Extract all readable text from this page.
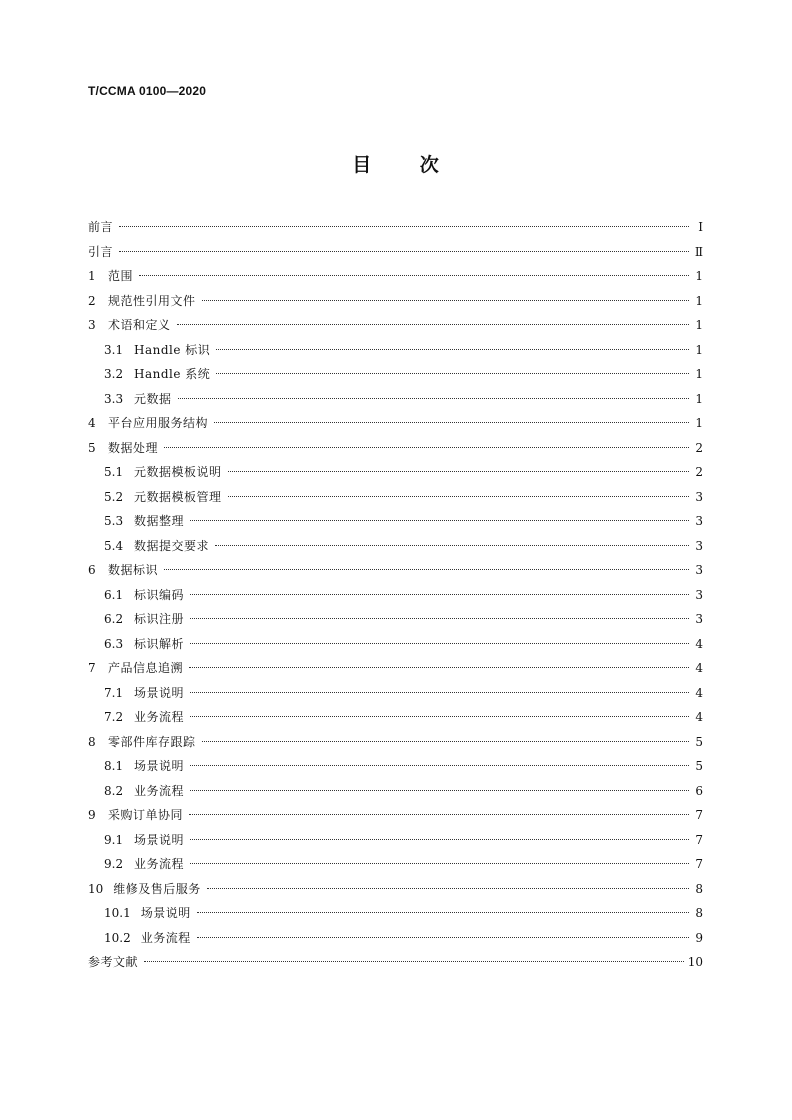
T/CCMA 0100—2020
目 次
前言	Ⅰ
引言	Ⅱ
1 范围	1
2 规范性引用文件	1
3 术语和定义	1
3.1 Handle 标识	1
3.2 Handle 系统	1
3.3 元数据	1
4 平台应用服务结构	1
5 数据处理	2
5.1 元数据模板说明	2
5.2 元数据模板管理	3
5.3 数据整理	3
5.4 数据提交要求	3
6 数据标识	3
6.1 标识编码	3
6.2 标识注册	3
6.3 标识解析	4
7 产品信息追溯	4
7.1 场景说明	4
7.2 业务流程	4
8 零部件库存跟踪	5
8.1 场景说明	5
8.2 业务流程	6
9 采购订单协同	7
9.1 场景说明	7
9.2 业务流程	7
10 维修及售后服务	8
10.1 场景说明	8
10.2 业务流程	9
参考文献	10
